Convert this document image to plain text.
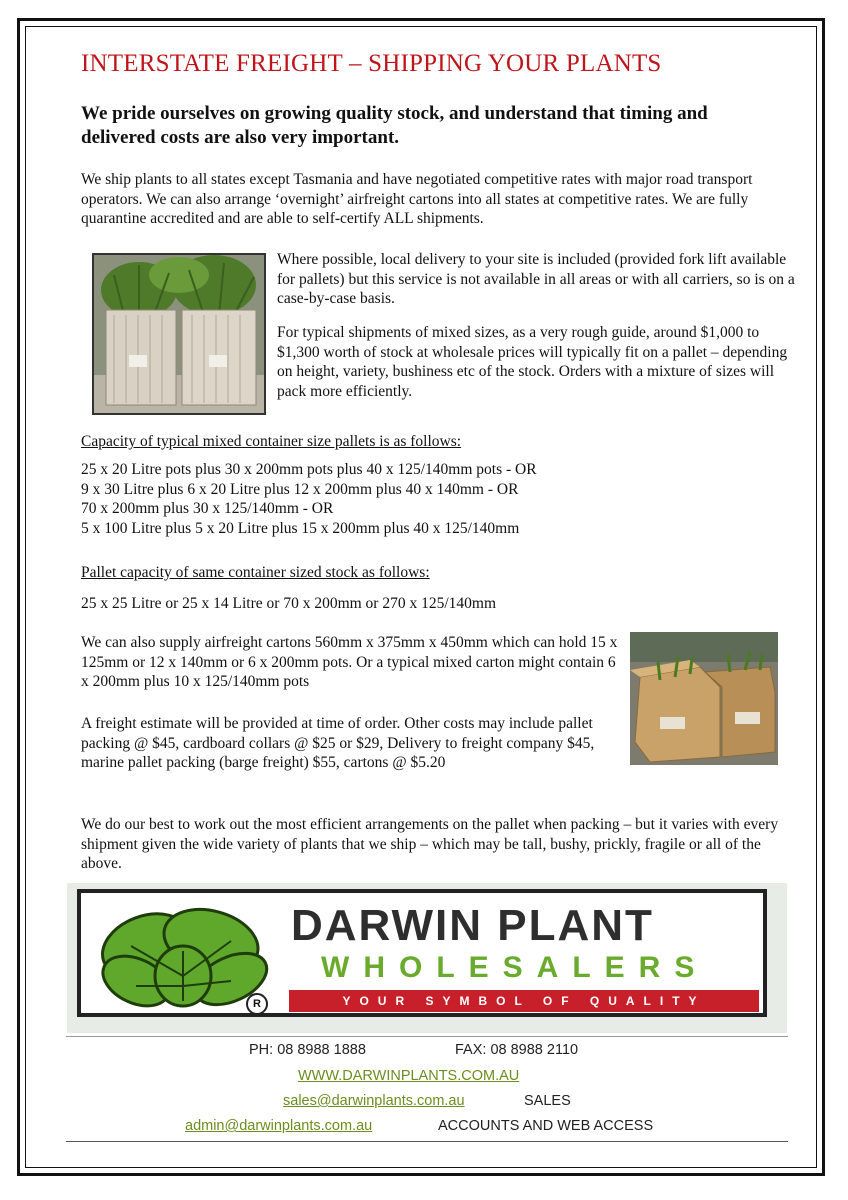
INTERSTATE FREIGHT – SHIPPING YOUR PLANTS
We pride ourselves on growing quality stock, and understand that timing and delivered costs are also very important.
We ship plants to all states except Tasmania and have negotiated competitive rates with major road transport operators. We can also arrange ‘overnight’ airfreight cartons into all states at competitive rates. We are fully quarantine accredited and are able to self-certify ALL shipments.
Where possible, local delivery to your site is included (provided fork lift available for pallets) but this service is not available in all areas or with all carriers, so is on a case-by-case basis.
For typical shipments of mixed sizes, as a very rough guide, around $1,000 to $1,300 worth of stock at wholesale prices will typically fit on a pallet – depending on height, variety, bushiness etc of the stock. Orders with a mixture of sizes will pack more efficiently.
Capacity of typical mixed container size pallets is as follows:
25 x 20 Litre pots plus 30 x 200mm pots plus 40 x 125/140mm pots - OR
9 x 30 Litre plus 6 x 20 Litre plus 12 x 200mm plus 40 x 140mm - OR
70 x 200mm plus 30 x 125/140mm - OR
5 x 100 Litre plus 5 x 20 Litre plus 15 x 200mm plus 40 x 125/140mm
Pallet capacity of same container sized stock as follows:
25 x 25 Litre or 25 x 14 Litre or 70 x 200mm or 270 x 125/140mm
We can also supply airfreight cartons 560mm x 375mm x 450mm which can hold 15 x 125mm or 12 x 140mm or 6 x 200mm pots. Or a typical mixed carton might contain 6 x 200mm plus 10 x 125/140mm pots
A freight estimate will be provided at time of order. Other costs may include pallet packing @ $45, cardboard collars @ $25 or $29, Delivery to freight company $45, marine pallet packing (barge freight) $55, cartons @ $5.20
We do our best to work out the most efficient arrangements on the pallet when packing – but it varies with every shipment given the wide variety of plants that we ship – which may be tall, bushy, prickly, fragile or all of the above.
DARWIN PLANT
WHOLESALERS
R	YOUR SYMBOL OF QUALITY
PH: 08 8988 1888	FAX: 08 8988 2110
WWW.DARWINPLANTS.COM.AU
sales@darwinplants.com.au	SALES
admin@darwinplants.com.au	ACCOUNTS AND WEB ACCESS
